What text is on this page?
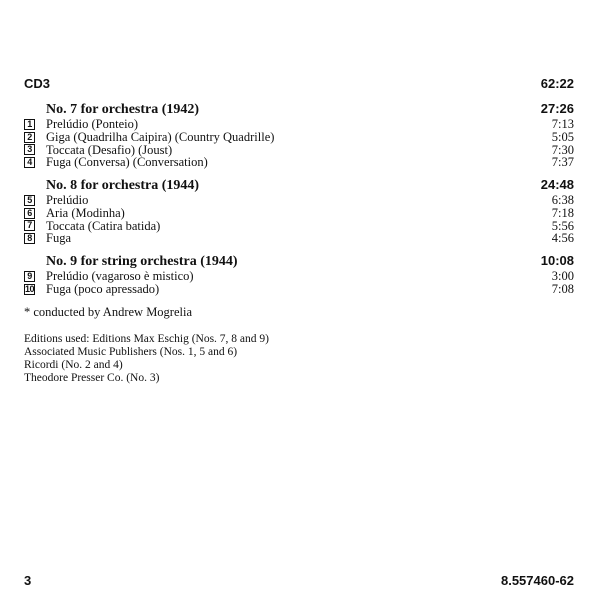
CD3	62:22
No. 7 for orchestra (1942)	27:26
1 Prelúdio (Ponteio)	7:13
2 Giga (Quadrilha Caipira) (Country Quadrille)	5:05
3 Toccata (Desafio) (Joust)	7:30
4 Fuga (Conversa) (Conversation)	7:37
No. 8 for orchestra (1944)	24:48
5 Prelúdio	6:38
6 Aria (Modinha)	7:18
7 Toccata (Catira batida)	5:56
8 Fuga	4:56
No. 9 for string orchestra (1944)	10:08
9 Prelúdio (vagaroso è mistico)	3:00
10 Fuga (poco apressado)	7:08
* conducted by Andrew Mogrelia
Editions used: Editions Max Eschig (Nos. 7, 8 and 9)
Associated Music Publishers (Nos. 1, 5 and 6)
Ricordi (No. 2 and 4)
Theodore Presser Co. (No. 3)
3	8.557460-62
